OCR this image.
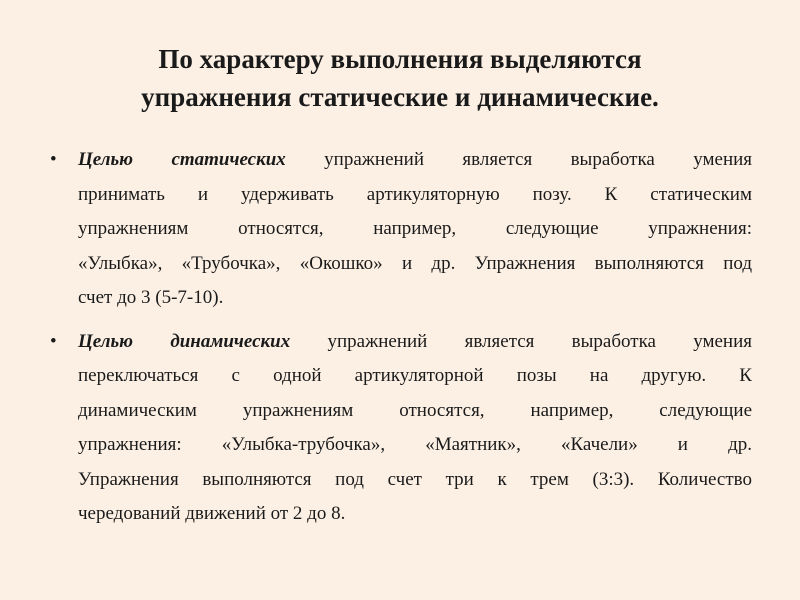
По характеру выполнения выделяются
упражнения статические и динамические.
• Целью статических упражнений является выработка умения
принимать и удерживать артикуляторную позу. К статическим
упражнениям относятся, например, следующие упражнения:
«Улыбка», «Трубочка», «Окошко» и др. Упражнения выполняются под
счет до 3 (5-7-10).
• Целью динамических упражнений является выработка умения
переключаться с одной артикуляторной позы на другую. К
динамическим упражнениям относятся, например, следующие
упражнения: «Улыбка-трубочка», «Маятник», «Качели» и др.
Упражнения выполняются под счет три к трем (3:3). Количество
чередований движений от 2 до 8.
